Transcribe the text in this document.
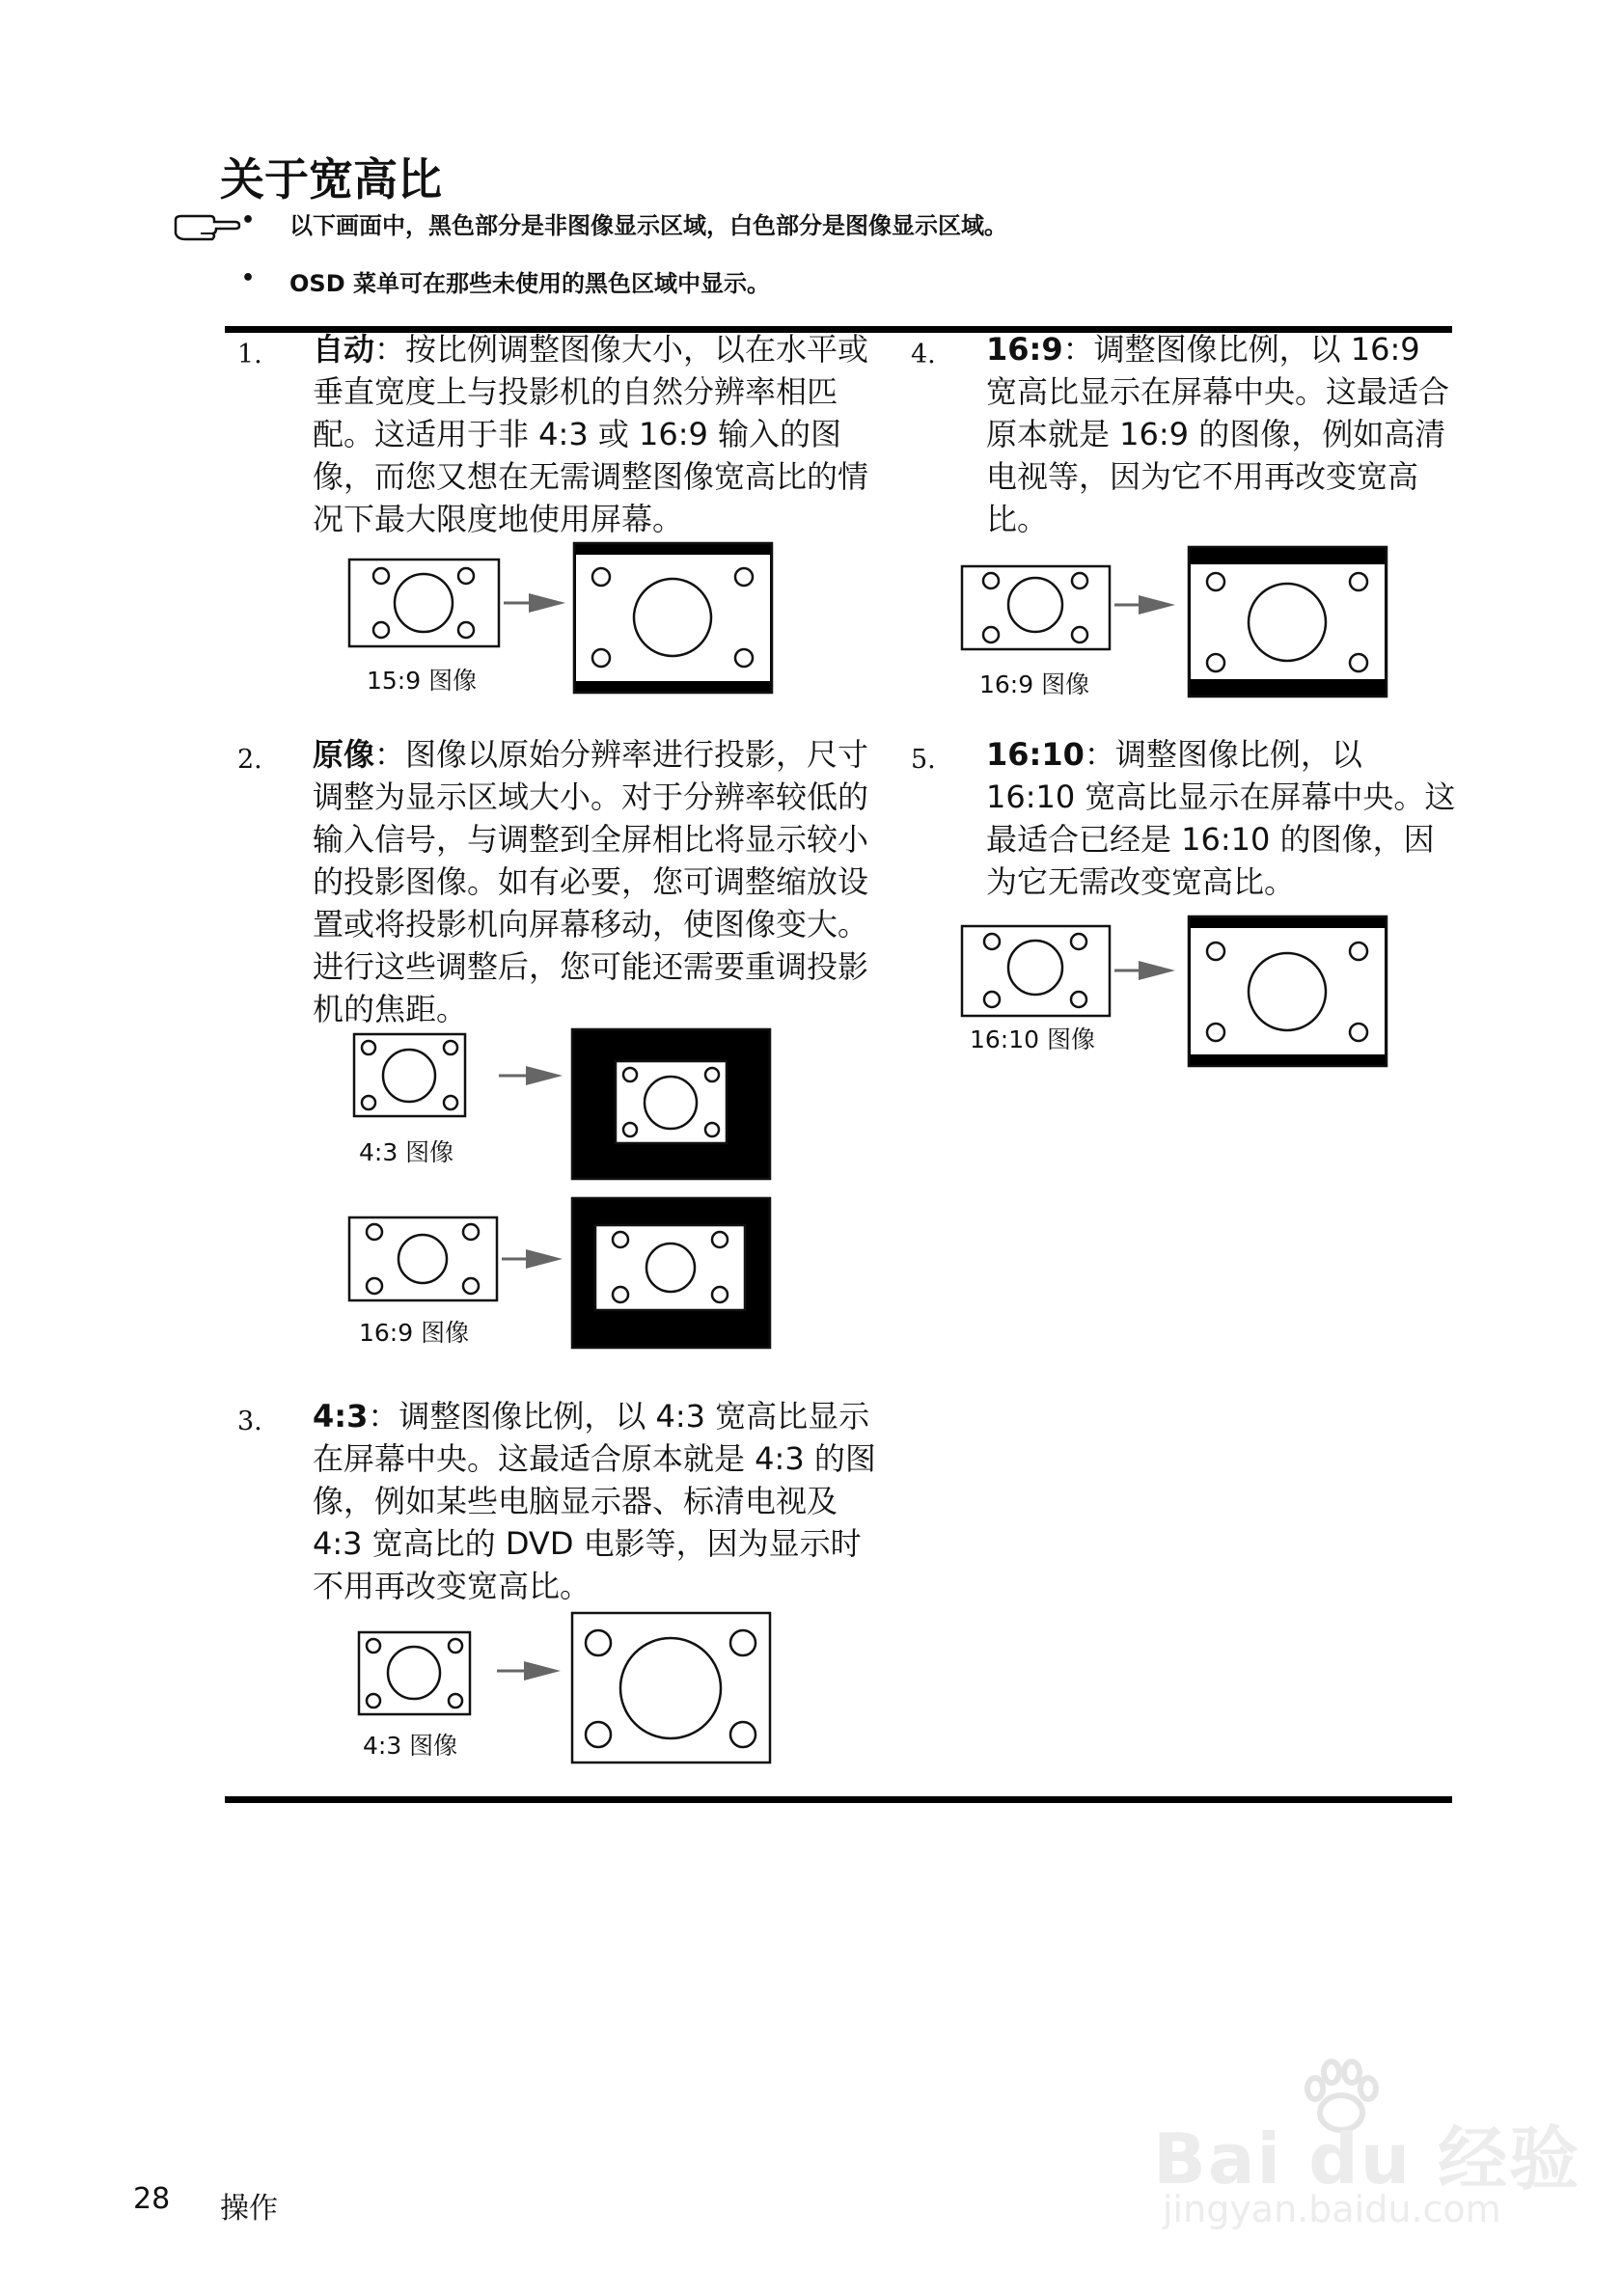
关于宽高比
• 以下画面中，黑色部分是非图像显示区域，白色部分是图像显示区域。
• OSD 菜单可在那些未使用的黑色区域中显示。
1. 自动：按比例调整图像大小，以在水平或垂直宽度上与投影机的自然分辨率相匹配。这适用于非 4:3 或 16:9 输入的图像，而您又想在无需调整图像宽高比的情况下最大限度地使用屏幕。
15:9 图像
2. 原像：图像以原始分辨率进行投影，尺寸调整为显示区域大小。对于分辨率较低的输入信号，与调整到全屏相比将显示较小的投影图像。如有必要，您可调整缩放设置或将投影机向屏幕移动，使图像变大。进行这些调整后，您可能还需要重调投影机的焦距。
4:3 图像
16:9 图像
3. 4:3：调整图像比例，以 4:3 宽高比显示在屏幕中央。这最适合原本就是 4:3 的图像，例如某些电脑显示器、标清电视及 4:3 宽高比的 DVD 电影等，因为显示时不用再改变宽高比。
4:3 图像
4. 16:9：调整图像比例，以 16:9 宽高比显示在屏幕中央。这最适合原本就是 16:9 的图像，例如高清电视等，因为它不用再改变宽高比。
16:9 图像
5. 16:10：调整图像比例，以 16:10 宽高比显示在屏幕中央。这最适合已经是 16:10 的图像，因为它无需改变宽高比。
16:10 图像
28 操作
Bai du 经验
jingyan.baidu.com
